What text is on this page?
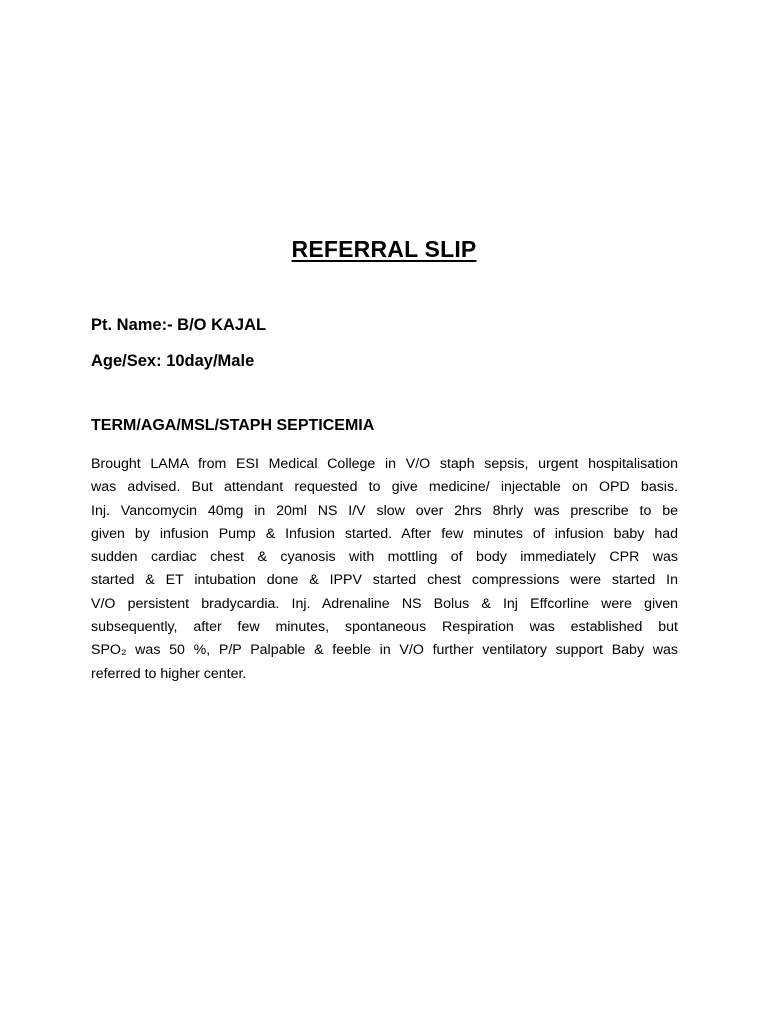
REFERRAL SLIP
Pt. Name:- B/O KAJAL
Age/Sex: 10day/Male
TERM/AGA/MSL/STAPH SEPTICEMIA
Brought LAMA from ESI Medical College in V/O staph sepsis, urgent hospitalisation
was advised. But attendant requested to give medicine/ injectable on OPD basis.
Inj. Vancomycin 40mg in 20ml NS I/V slow over 2hrs 8hrly was prescribe to be
given by infusion Pump & Infusion started. After few minutes of infusion baby had
sudden cardiac chest & cyanosis with mottling of body immediately CPR was
started & ET intubation done & IPPV started chest compressions were started In
V/O persistent bradycardia. Inj. Adrenaline NS Bolus & Inj Effcorline were given
subsequently, after few minutes, spontaneous Respiration was established but
SPO₂ was 50 %, P/P Palpable & feeble in V/O further ventilatory support Baby was
referred to higher center.
